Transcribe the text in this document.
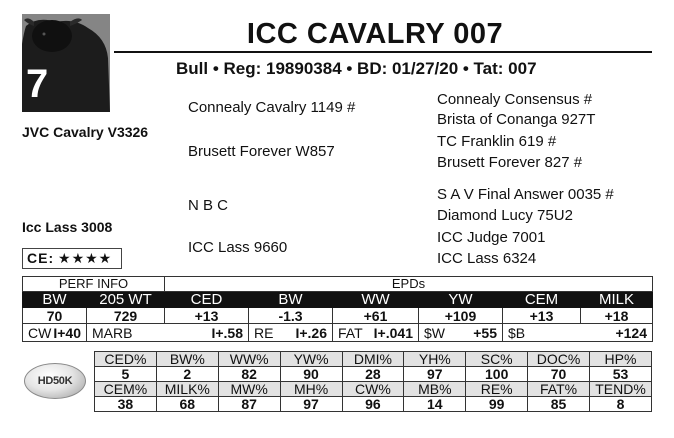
7
ICC CAVALRY 007
Bull • Reg: 19890384 • BD: 01/27/20 • Tat: 007
JVC Cavalry V3326
Connealy Cavalry 1149 #
Brusett Forever W857
Connealy Consensus #
Brista of Conanga 927T
TC Franklin 619 #
Brusett Forever 827 #
Icc Lass 3008
N B C
ICC Lass 9660
S A V Final Answer 0035 #
Diamond Lucy 75U2
ICC Judge 7001
ICC Lass 6324
CE: ★★★★
PERF INFO		EPDs					
BW	205 WT	CED	BW	WW	YW	CEM	MILK
70	729	+13	-1.3	+61	+109	+13	+18

CW I+40	MARB I+.58		RE I+.26	FAT I+.041	$W +55	$B +124	
HD50K
CED%	BW%	WW%	YW%	DMI%	YH%	SC%	DOC%	HP%
5	2	82	90	28	97	100	70	53
CEM%	MILK%	MW%	MH%	CW%	MB%	RE%	FAT%	TEND%
38	68	87	97	96	14	99	85	8
